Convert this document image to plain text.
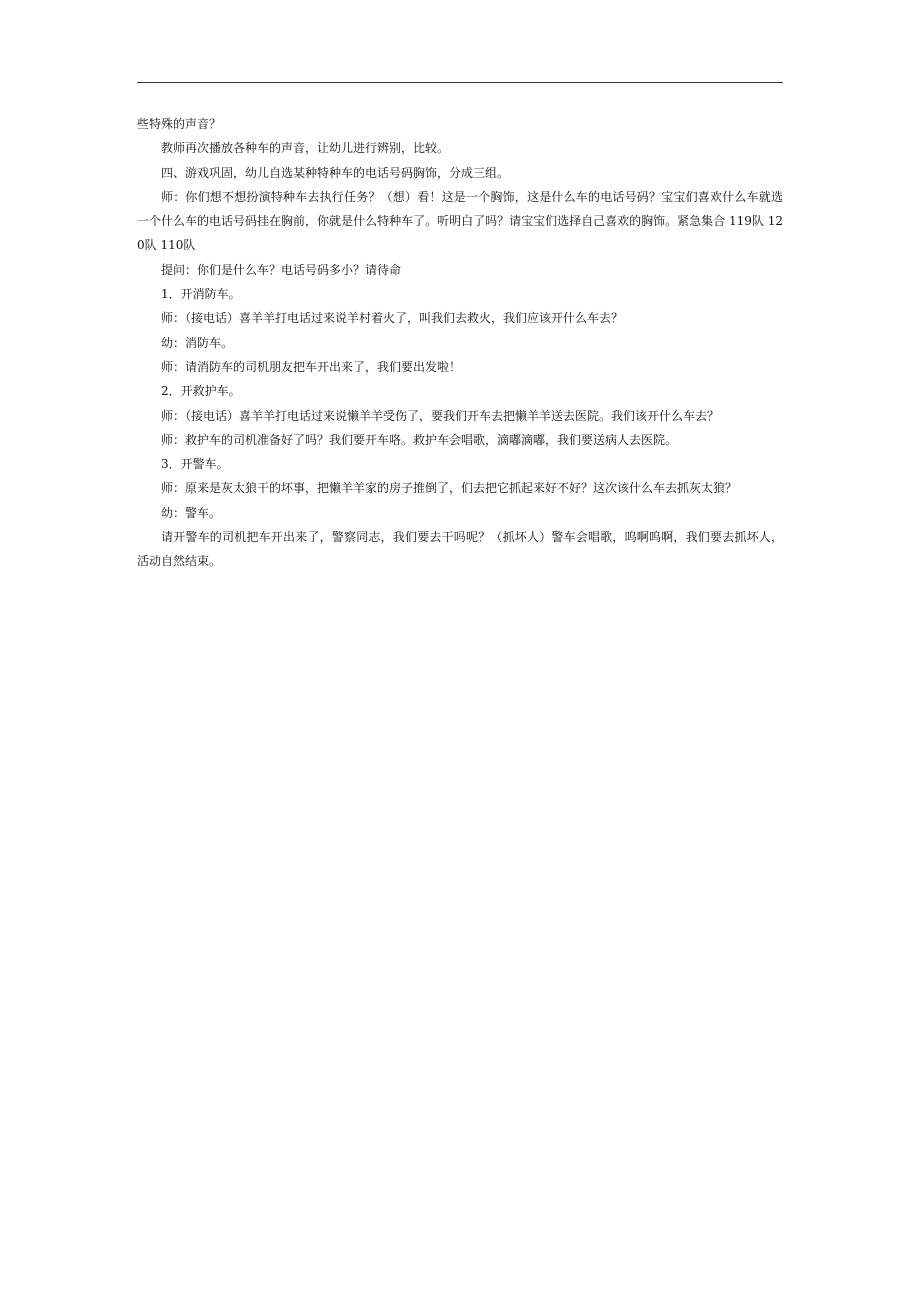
些特殊的声音？

教师再次播放各种车的声音，让幼儿进行辨别，比较。

四、游戏巩固，幼儿自选某种特种车的电话号码胸饰，分成三组。

师：你们想不想扮演特种车去执行任务？（想）看！这是一个胸饰，这是什么车的电话号码？宝宝们喜欢什么车就选一个什么车的电话号码挂在胸前，你就是什么特种车了。听明白了吗？请宝宝们选择自己喜欢的胸饰。紧急集合 119队 120队 110队

提问：你们是什么车？电话号码多小？请待命

1．开消防车。

师：（接电话）喜羊羊打电话过来说羊村着火了，叫我们去救火，我们应该开什么车去？

幼：消防车。

师：请消防车的司机朋友把车开出来了，我们要出发啦！

2．开救护车。

师：（接电话）喜羊羊打电话过来说懒羊羊受伤了，要我们开车去把懒羊羊送去医院。我们该开什么车去？

师：救护车的司机准备好了吗？我们要开车咯。救护车会唱歌，滴嘟滴嘟，我们要送病人去医院。

3．开警车。

师：原来是灰太狼干的坏事，把懒羊羊家的房子推倒了，们去把它抓起来好不好？这次该什么车去抓灰太狼？

幼：警车。

请开警车的司机把车开出来了，警察同志，我们要去干吗呢？（抓坏人）警车会唱歌，呜啊呜啊，我们要去抓坏人，活动自然结束。
